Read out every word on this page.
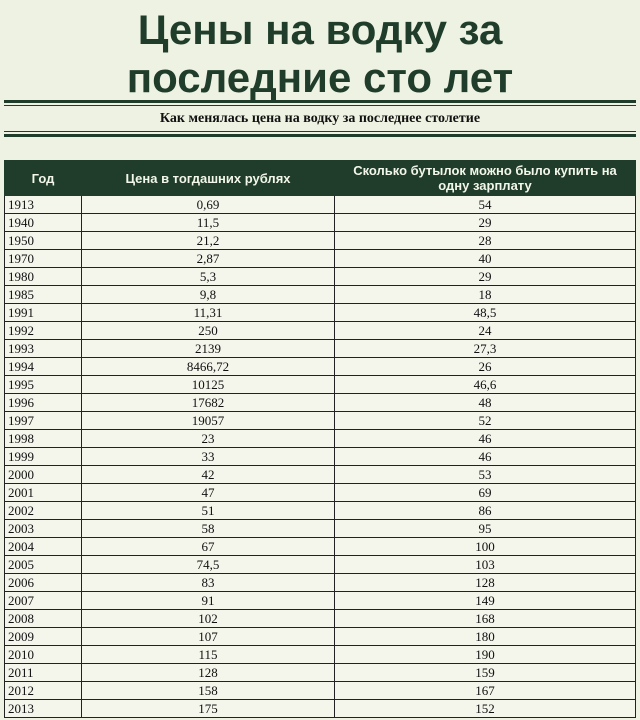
Цены на водку за
последние сто лет
Как менялась цена на водку за последнее столетие
Год	Цена в тогдашних рублях	Сколько бутылок можно было купить на одну зарплату
1913	0,69	54
1940	11,5	29
1950	21,2	28
1970	2,87	40
1980	5,3	29
1985	9,8	18
1991	11,31	48,5
1992	250	24
1993	2139	27,3
1994	8466,72	26
1995	10125	46,6
1996	17682	48
1997	19057	52
1998	23	46
1999	33	46
2000	42	53
2001	47	69
2002	51	86
2003	58	95
2004	67	100
2005	74,5	103
2006	83	128
2007	91	149
2008	102	168
2009	107	180
2010	115	190
2011	128	159
2012	158	167
2013	175	152
